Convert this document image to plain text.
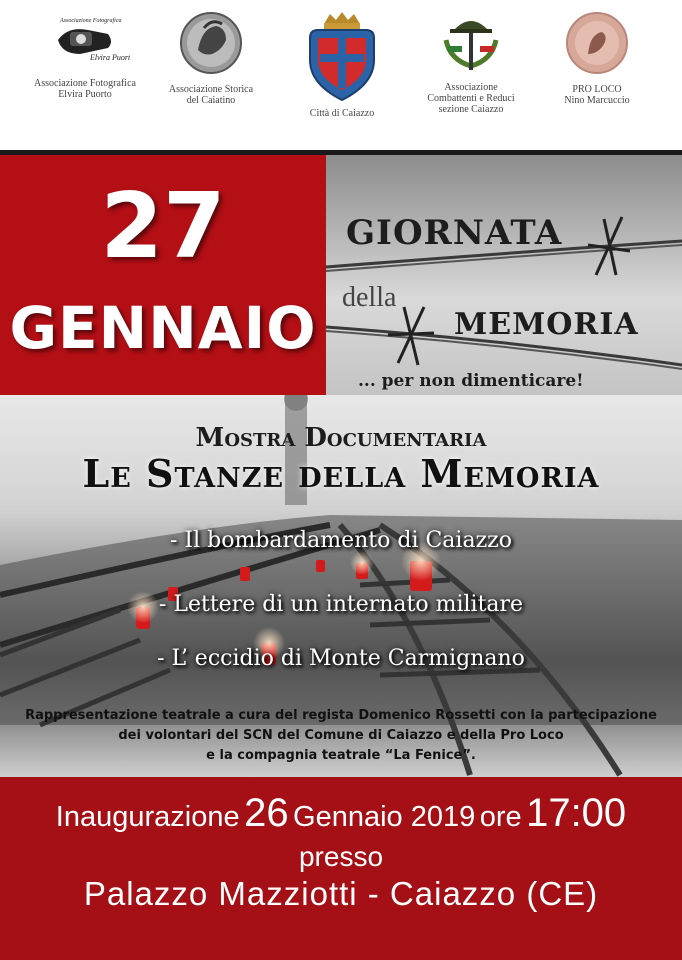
Associazione Fotografica
Elvira Puorto
Associazione Fotografica
Elvira Puorto	Associazione Storica
del Caiatino
Città di Caiazzo
Associazione
Combattenti e Reduci
sezione Caiazzo
PRO LOCO
Nino Marcuccio
27
GENNAIO
GIORNATA
della
MEMORIA
... per non dimenticare!
Mostra Documentaria
Le Stanze della Memoria
- Il bombardamento di Caiazzo
- Lettere di un internato militare
- L’ eccidio di Monte Carmignano
Rappresentazione teatrale a cura del regista Domenico Rossetti con la partecipazione
dei volontari del SCN del Comune di Caiazzo e della Pro Loco
e la compagnia teatrale “La Fenice”.
Inaugurazione 26 Gennaio 2019 ore 17:00
presso
Palazzo Mazziotti - Caiazzo (CE)
